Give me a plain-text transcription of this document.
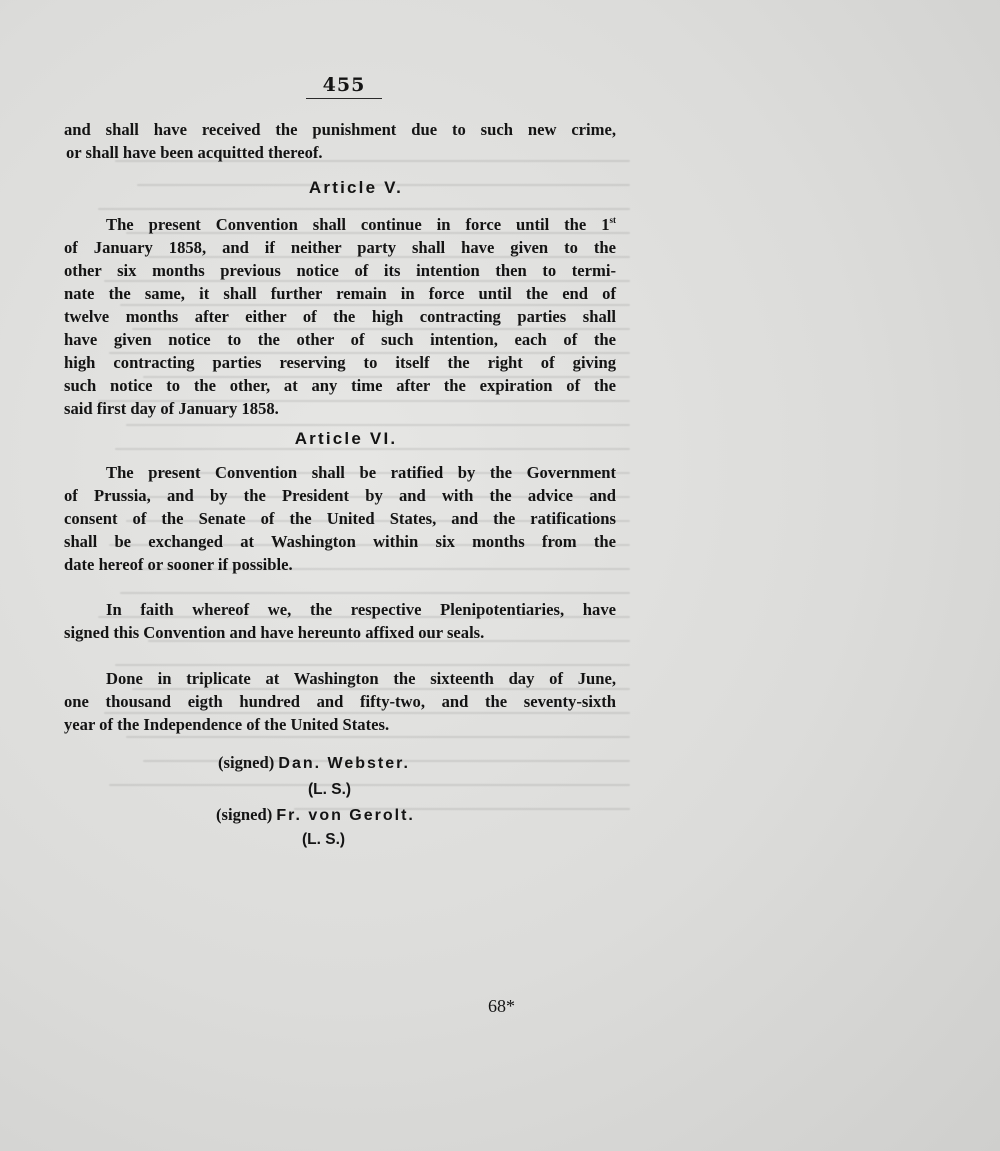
455
and shall have received the punishment due to such new crime,
or shall have been acquitted thereof.
Article V.
The present Convention shall continue in force until the 1st
of January 1858, and if neither party shall have given to the
other six months previous notice of its intention then to termi-
nate the same, it shall further remain in force until the end of
twelve months after either of the high contracting parties shall
have given notice to the other of such intention, each of the
high contracting parties reserving to itself the right of giving
such notice to the other, at any time after the expiration of the
said first day of January 1858.
Article VI.
The present Convention shall be ratified by the Government
of Prussia, and by the President by and with the advice and
consent of the Senate of the United States, and the ratifications
shall be exchanged at Washington within six months from the
date hereof or sooner if possible.
In faith whereof we, the respective Plenipotentiaries, have
signed this Convention and have hereunto affixed our seals.
Done in triplicate at Washington the sixteenth day of June,
one thousand eigth hundred and fifty-two, and the seventy-sixth
year of the Independence of the United States.
(signed) Dan. Webster.
(L. S.)
(signed) Fr. von Gerolt.
(L. S.)
68*
